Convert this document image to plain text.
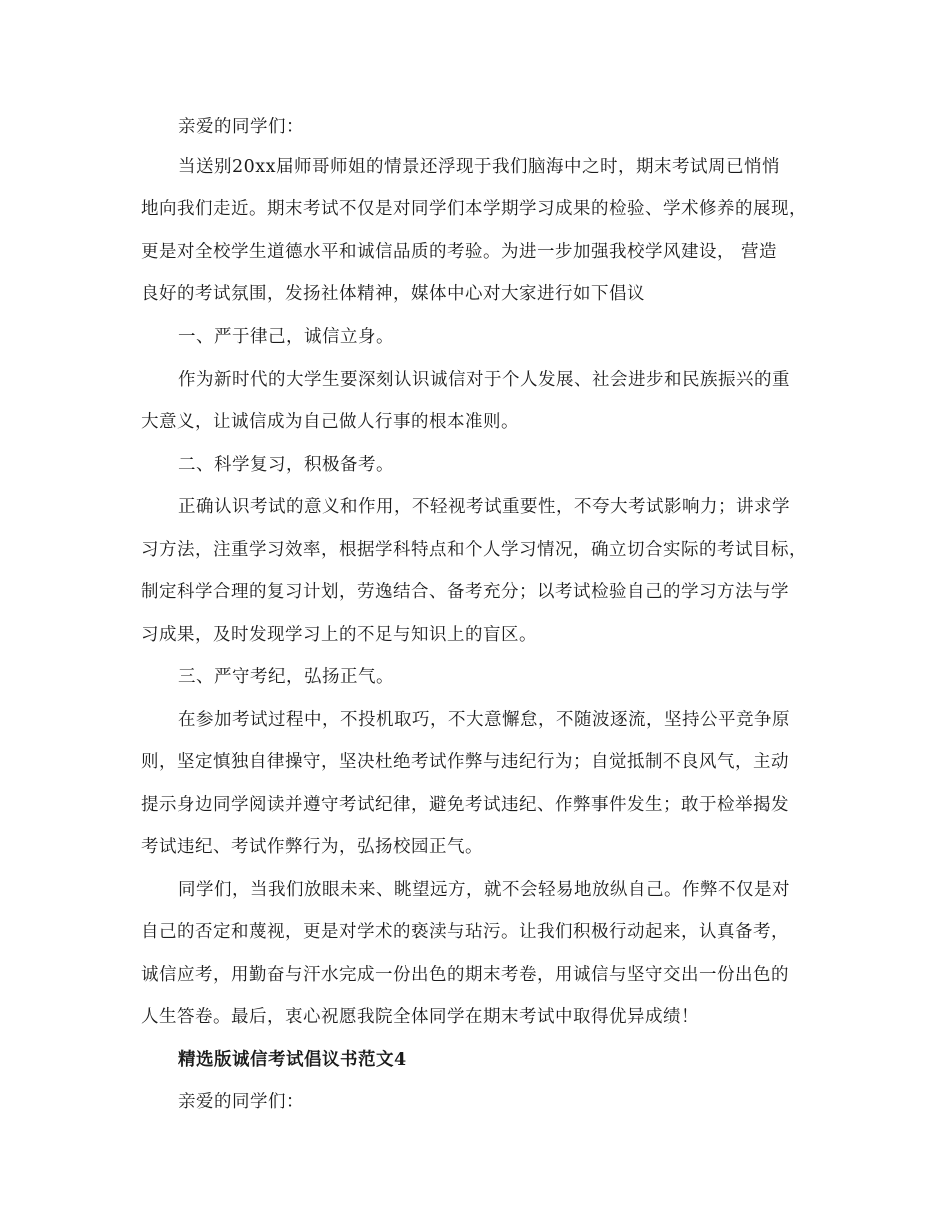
亲爱的同学们：
当送别20xx届师哥师姐的情景还浮现于我们脑海中之时，期末考试周已悄悄
地向我们走近。期末考试不仅是对同学们本学期学习成果的检验、学术修养的展现，
更是对全校学生道德水平和诚信品质的考验。为进一步加强我校学风建设， 营造
良好的考试氛围，发扬社体精神，媒体中心对大家进行如下倡议
一、严于律己，诚信立身。
作为新时代的大学生要深刻认识诚信对于个人发展、社会进步和民族振兴的重
大意义，让诚信成为自己做人行事的根本准则。
二、科学复习，积极备考。
正确认识考试的意义和作用，不轻视考试重要性，不夸大考试影响力；讲求学
习方法，注重学习效率，根据学科特点和个人学习情况，确立切合实际的考试目标，
制定科学合理的复习计划，劳逸结合、备考充分；以考试检验自己的学习方法与学
习成果，及时发现学习上的不足与知识上的盲区。
三、严守考纪，弘扬正气。
在参加考试过程中，不投机取巧，不大意懈怠，不随波逐流，坚持公平竞争原
则，坚定慎独自律操守，坚决杜绝考试作弊与违纪行为；自觉抵制不良风气，主动
提示身边同学阅读并遵守考试纪律，避免考试违纪、作弊事件发生；敢于检举揭发
考试违纪、考试作弊行为，弘扬校园正气。
同学们，当我们放眼未来、眺望远方，就不会轻易地放纵自己。作弊不仅是对
自己的否定和蔑视，更是对学术的亵渎与玷污。让我们积极行动起来，认真备考，
诚信应考，用勤奋与汗水完成一份出色的期末考卷，用诚信与坚守交出一份出色的
人生答卷。最后，衷心祝愿我院全体同学在期末考试中取得优异成绩！
精选版诚信考试倡议书范文4
亲爱的同学们：
